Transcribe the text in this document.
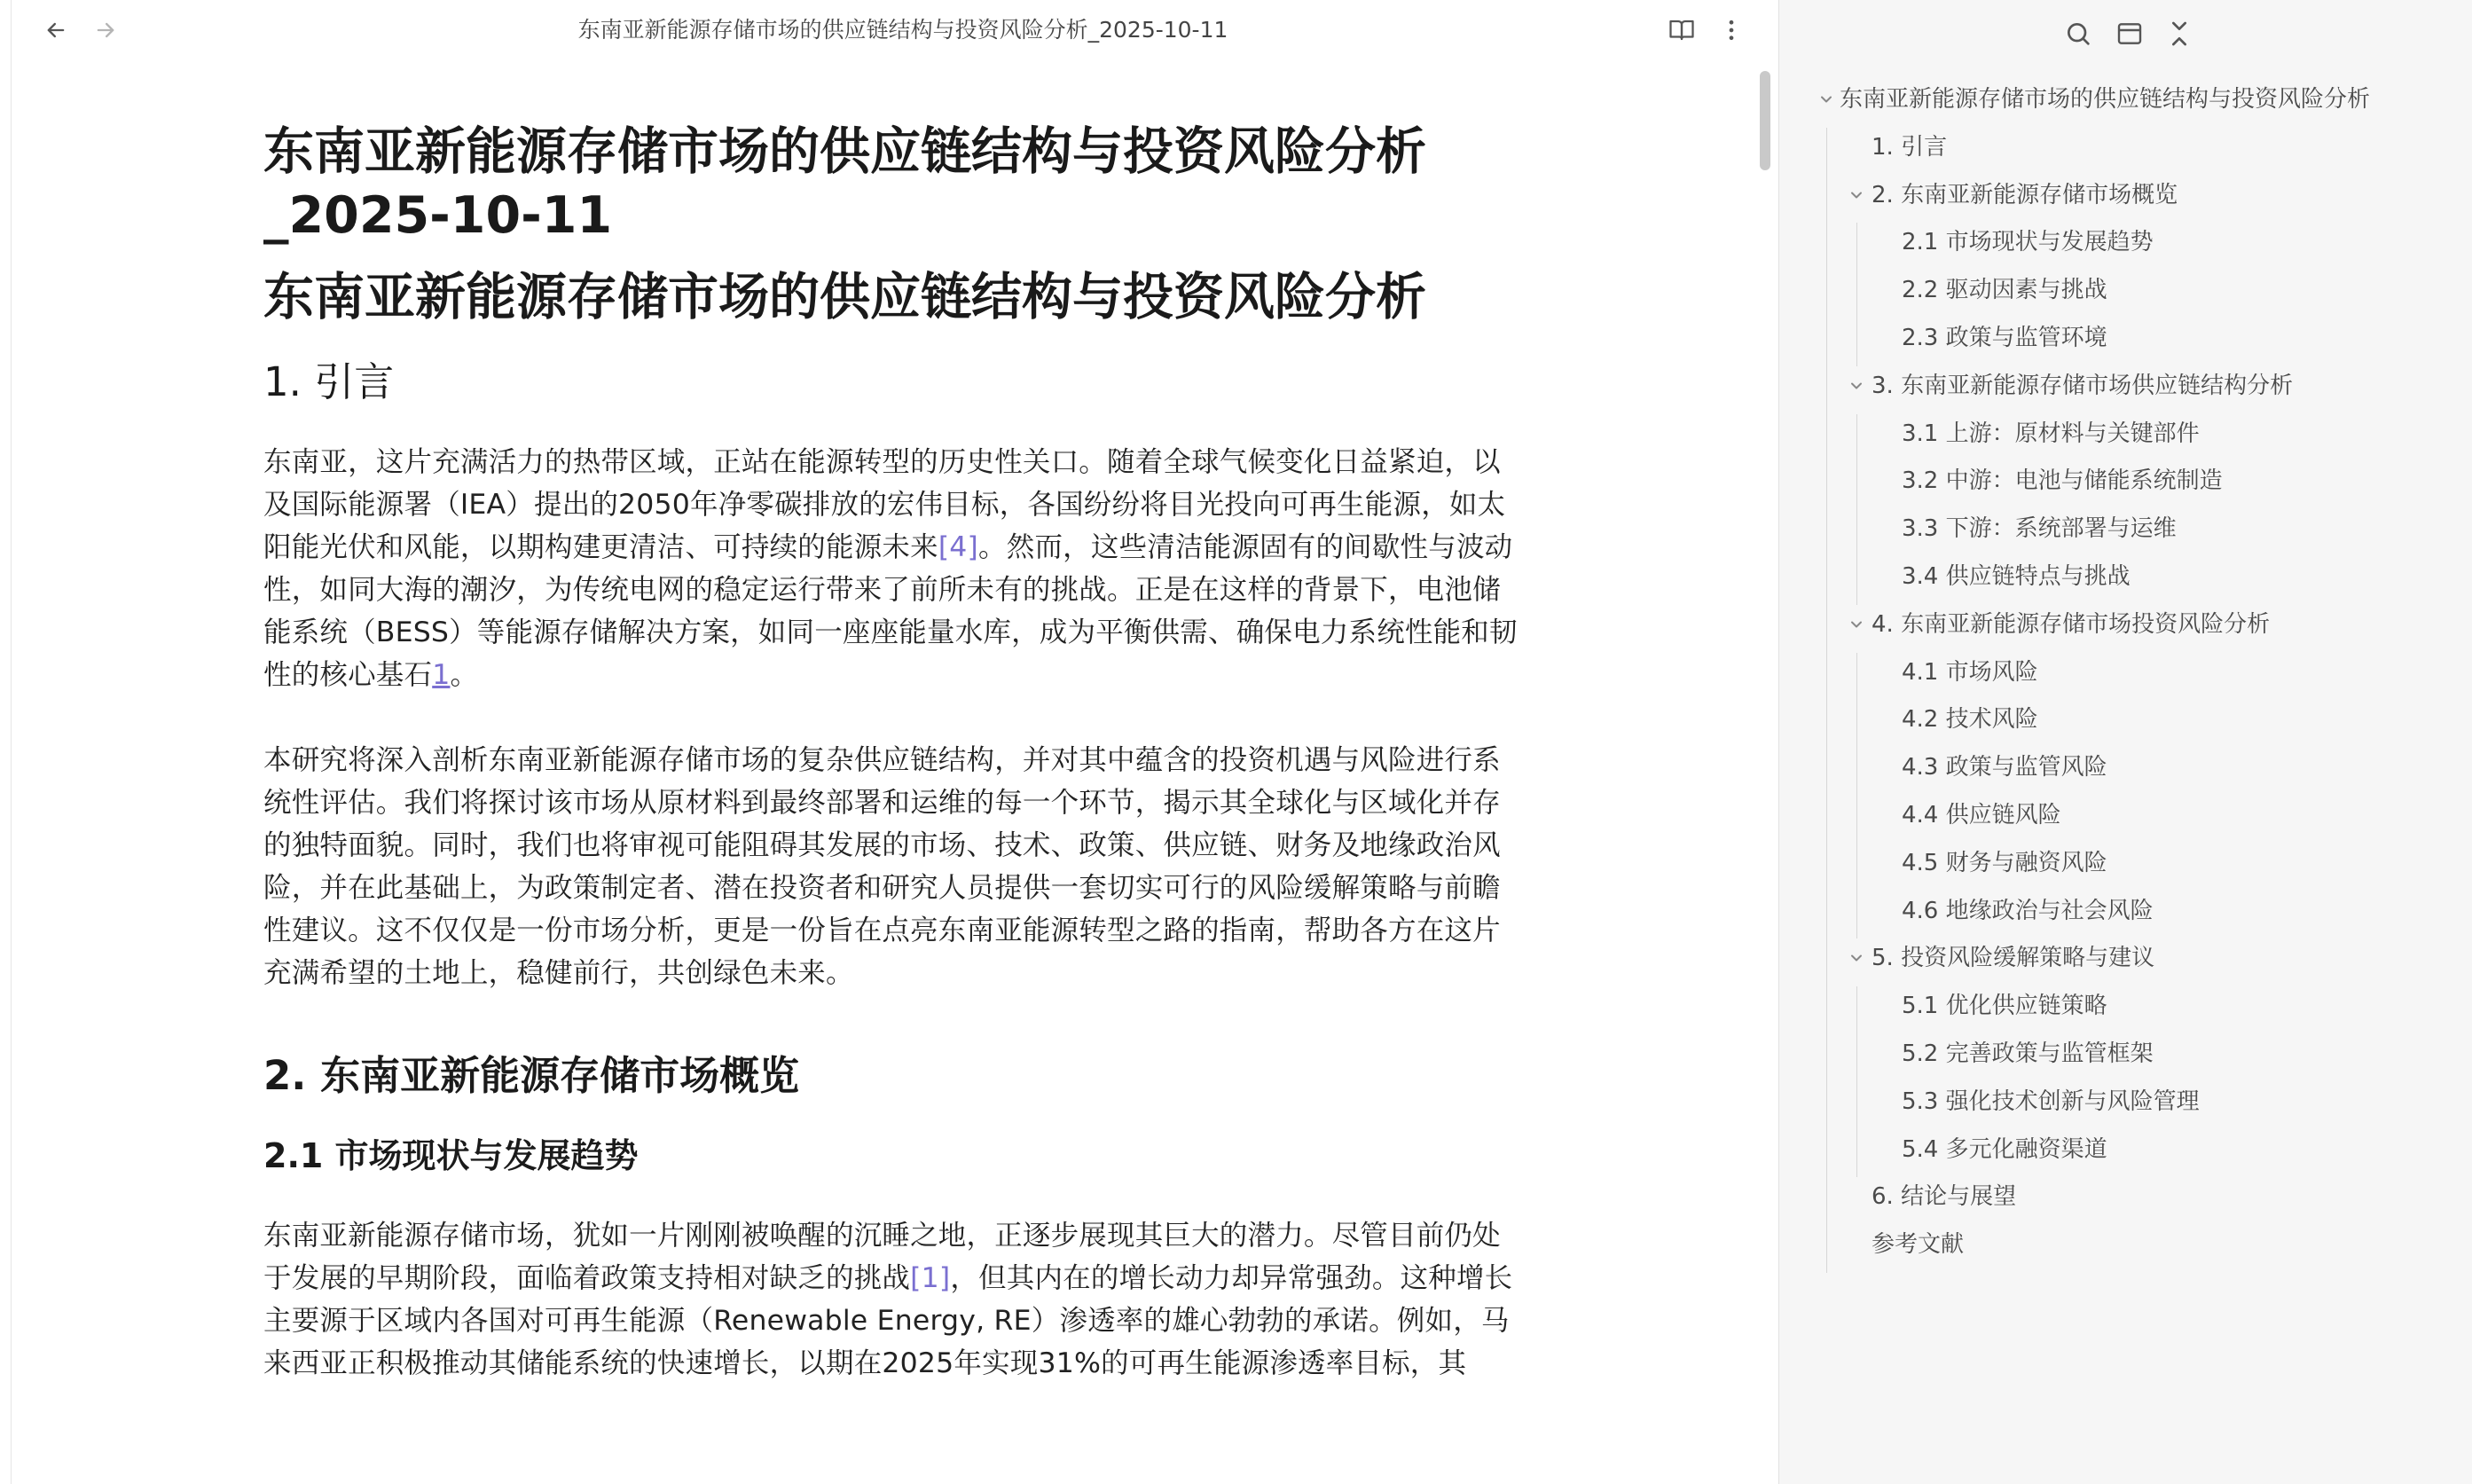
东南亚新能源存储市场的供应链结构与投资风险分析_2025-10-11
东南亚新能源存储市场的供应链结构与投资风险分析_2025-10-11
东南亚新能源存储市场的供应链结构与投资风险分析
1. 引言

东南亚，这片充满活力的热带区域，正站在能源转型的历史性关口。随着全球气候变化日益紧迫，以及国际能源署（IEA）提出的2050年净零碳排放的宏伟目标，各国纷纷将目光投向可再生能源，如太阳能光伏和风能，以期构建更清洁、可持续的能源未来[4]。然而，这些清洁能源固有的间歇性与波动性，如同大海的潮汐，为传统电网的稳定运行带来了前所未有的挑战。正是在这样的背景下，电池储能系统（BESS）等能源存储解决方案，如同一座座能量水库，成为平衡供需、确保电力系统性能和韧性的核心基石1。

本研究将深入剖析东南亚新能源存储市场的复杂供应链结构，并对其中蕴含的投资机遇与风险进行系统性评估。我们将探讨该市场从原材料到最终部署和运维的每一个环节，揭示其全球化与区域化并存的独特面貌。同时，我们也将审视可能阻碍其发展的市场、技术、政策、供应链、财务及地缘政治风险，并在此基础上，为政策制定者、潜在投资者和研究人员提供一套切实可行的风险缓解策略与前瞻性建议。这不仅仅是一份市场分析，更是一份旨在点亮东南亚能源转型之路的指南，帮助各方在这片充满希望的土地上，稳健前行，共创绿色未来。

2. 东南亚新能源存储市场概览
2.1 市场现状与发展趋势

东南亚新能源存储市场，犹如一片刚刚被唤醒的沉睡之地，正逐步展现其巨大的潜力。尽管目前仍处于发展的早期阶段，面临着政策支持相对缺乏的挑战[1]，但其内在的增长动力却异常强劲。这种增长主要源于区域内各国对可再生能源（Renewable Energy, RE）渗透率的雄心勃勃的承诺。例如，马来西亚正积极推动其储能系统的快速增长，以期在2025年实现31%的可再生能源渗透率目标，其

东南亚新能源存储市场的供应链结构与投资风险分析
1. 引言
2. 东南亚新能源存储市场概览
2.1 市场现状与发展趋势
2.2 驱动因素与挑战
2.3 政策与监管环境
3. 东南亚新能源存储市场供应链结构分析
3.1 上游：原材料与关键部件
3.2 中游：电池与储能系统制造
3.3 下游：系统部署与运维
3.4 供应链特点与挑战
4. 东南亚新能源存储市场投资风险分析
4.1 市场风险
4.2 技术风险
4.3 政策与监管风险
4.4 供应链风险
4.5 财务与融资风险
4.6 地缘政治与社会风险
5. 投资风险缓解策略与建议
5.1 优化供应链策略
5.2 完善政策与监管框架
5.3 强化技术创新与风险管理
5.4 多元化融资渠道
6. 结论与展望
参考文献
